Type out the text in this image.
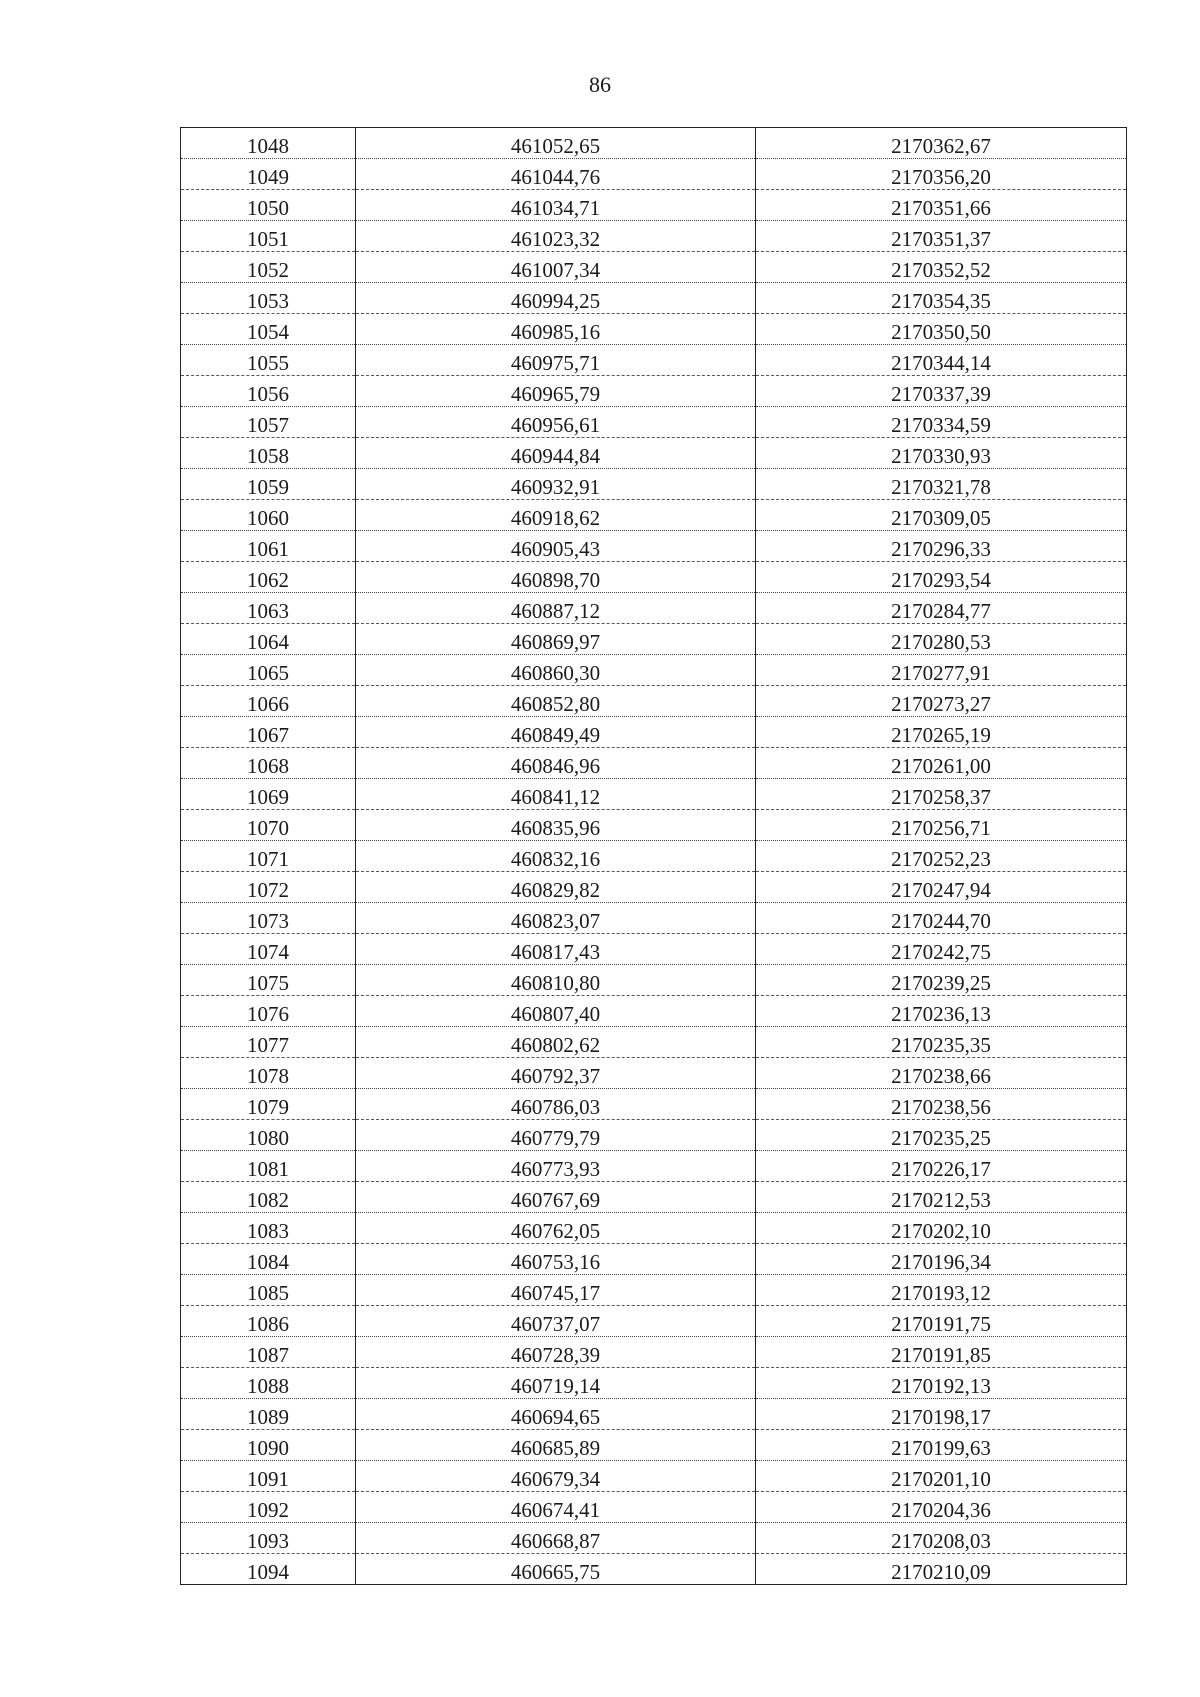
86
1048	461052,65	2170362,67
1049	461044,76	2170356,20
1050	461034,71	2170351,66
1051	461023,32	2170351,37
1052	461007,34	2170352,52
1053	460994,25	2170354,35
1054	460985,16	2170350,50
1055	460975,71	2170344,14
1056	460965,79	2170337,39
1057	460956,61	2170334,59
1058	460944,84	2170330,93
1059	460932,91	2170321,78
1060	460918,62	2170309,05
1061	460905,43	2170296,33
1062	460898,70	2170293,54
1063	460887,12	2170284,77
1064	460869,97	2170280,53
1065	460860,30	2170277,91
1066	460852,80	2170273,27
1067	460849,49	2170265,19
1068	460846,96	2170261,00
1069	460841,12	2170258,37
1070	460835,96	2170256,71
1071	460832,16	2170252,23
1072	460829,82	2170247,94
1073	460823,07	2170244,70
1074	460817,43	2170242,75
1075	460810,80	2170239,25
1076	460807,40	2170236,13
1077	460802,62	2170235,35
1078	460792,37	2170238,66
1079	460786,03	2170238,56
1080	460779,79	2170235,25
1081	460773,93	2170226,17
1082	460767,69	2170212,53
1083	460762,05	2170202,10
1084	460753,16	2170196,34
1085	460745,17	2170193,12
1086	460737,07	2170191,75
1087	460728,39	2170191,85
1088	460719,14	2170192,13
1089	460694,65	2170198,17
1090	460685,89	2170199,63
1091	460679,34	2170201,10
1092	460674,41	2170204,36
1093	460668,87	2170208,03
1094	460665,75	2170210,09
